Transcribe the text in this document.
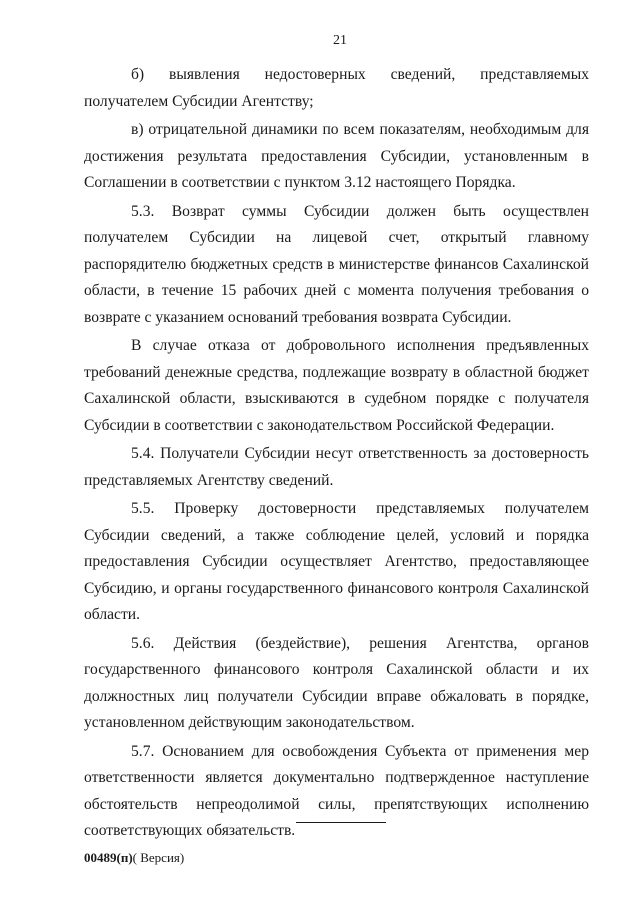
21

б) выявления недостоверных сведений, представляемых получателем Субсидии Агентству;

в) отрицательной динамики по всем показателям, необходимым для достижения результата предоставления Субсидии, установленным в Соглашении в соответствии с пунктом 3.12 настоящего Порядка.

5.3. Возврат суммы Субсидии должен быть осуществлен получателем Субсидии на лицевой счет, открытый главному распорядителю бюджетных средств в министерстве финансов Сахалинской области, в течение 15 рабочих дней с момента получения требования о возврате с указанием оснований требования возврата Субсидии.

В случае отказа от добровольного исполнения предъявленных требований денежные средства, подлежащие возврату в областной бюджет Сахалинской области, взыскиваются в судебном порядке с получателя Субсидии в соответствии с законодательством Российской Федерации.

5.4. Получатели Субсидии несут ответственность за достоверность представляемых Агентству сведений.

5.5. Проверку достоверности представляемых получателем Субсидии сведений, а также соблюдение целей, условий и порядка предоставления Субсидии осуществляет Агентство, предоставляющее Субсидию, и органы государственного финансового контроля Сахалинской области.

5.6. Действия (бездействие), решения Агентства, органов государственного финансового контроля Сахалинской области и их должностных лиц получатели Субсидии вправе обжаловать в порядке, установленном действующим законодательством.

5.7. Основанием для освобождения Субъекта от применения мер ответственности является документально подтвержденное наступление обстоятельств непреодолимой силы, препятствующих исполнению соответствующих обязательств.

00489(п)( Версия)
